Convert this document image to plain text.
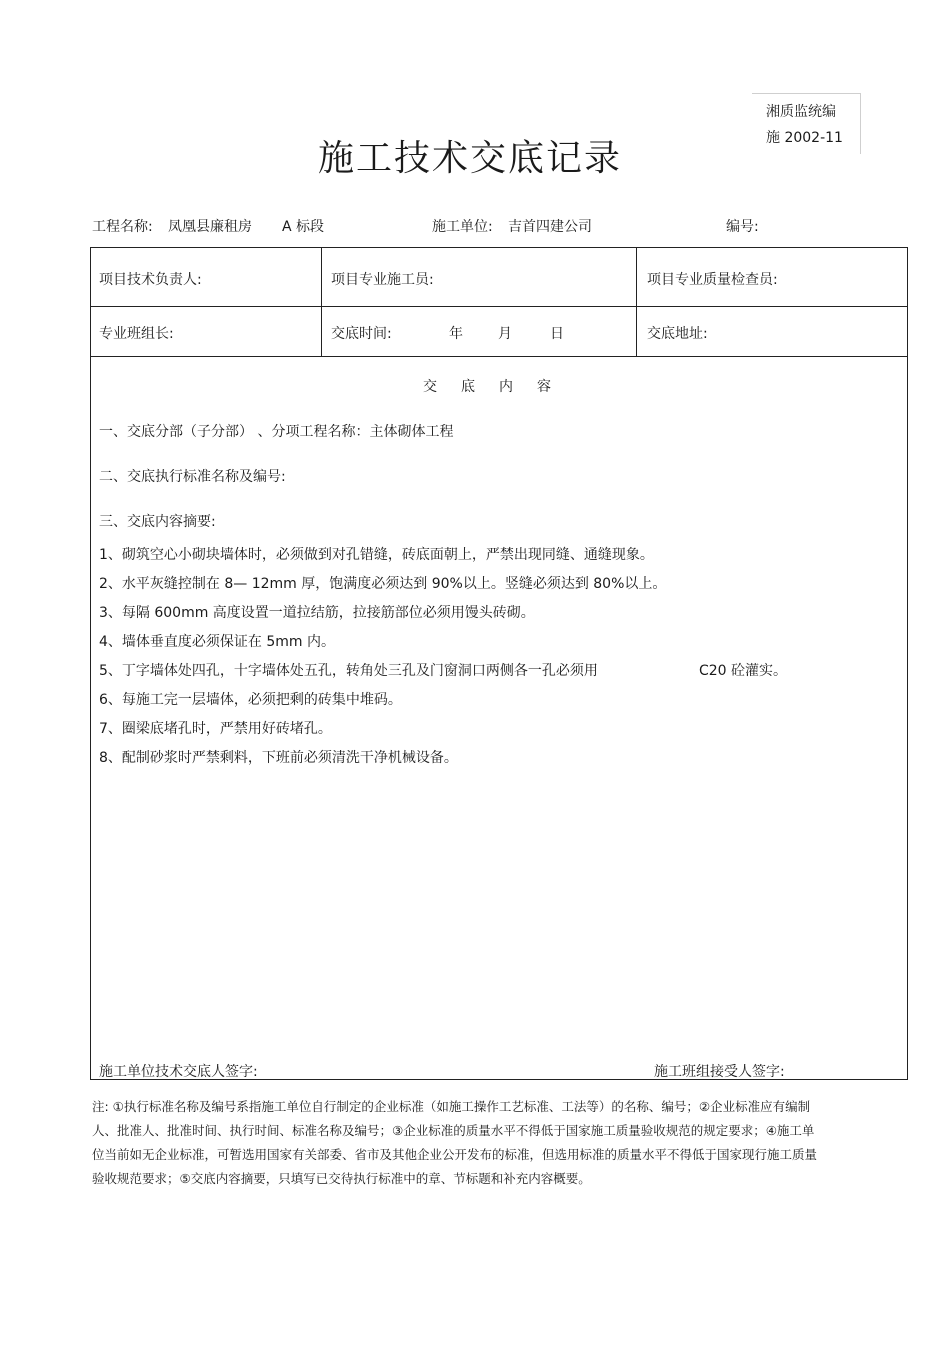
湘质监统编
施 2002-11
施工技术交底记录
工程名称: 凤凰县廉租房 A 标段	施工单位: 吉首四建公司	编号:
项目技术负责人:	项目专业施工员:	项目专业质量检查员:
专业班组长:	交底时间:	年	月	日	交底地址:
交底内容
一、交底分部（子分部） 、分项工程名称：主体砌体工程
二、交底执行标准名称及编号:
三、交底内容摘要:
1、砌筑空心小砌块墙体时，必须做到对孔错缝，砖底面朝上，严禁出现同缝、通缝现象。
2、水平灰缝控制在 8— 12mm 厚，饱满度必须达到 90%以上。竖缝必须达到 80%以上。
3、每隔 600mm 高度设置一道拉结筋，拉接筋部位必须用馒头砖砌。
4、墙体垂直度必须保证在 5mm 内。
5、丁字墙体处四孔，十字墙体处五孔，转角处三孔及门窗洞口两侧各一孔必须用	C20 砼灌实。
6、每施工完一层墙体，必须把剩的砖集中堆码。
7、圈梁底堵孔时，严禁用好砖堵孔。
8、配制砂浆时严禁剩料，下班前必须清洗干净机械设备。
施工单位技术交底人签字:	施工班组接受人签字:
注: ①执行标准名称及编号系指施工单位自行制定的企业标准（如施工操作工艺标准、工法等）的名称、编号；②企业标准应有编制人、批准人、批准时间、执行时间、标准名称及编号；③企业标准的质量水平不得低于国家施工质量验收规范的规定要求；④施工单位当前如无企业标准，可暂选用国家有关部委、省市及其他企业公开发布的标准，但选用标准的质量水平不得低于国家现行施工质量验收规范要求；⑤交底内容摘要，只填写已交待执行标准中的章、节标题和补充内容概要。
